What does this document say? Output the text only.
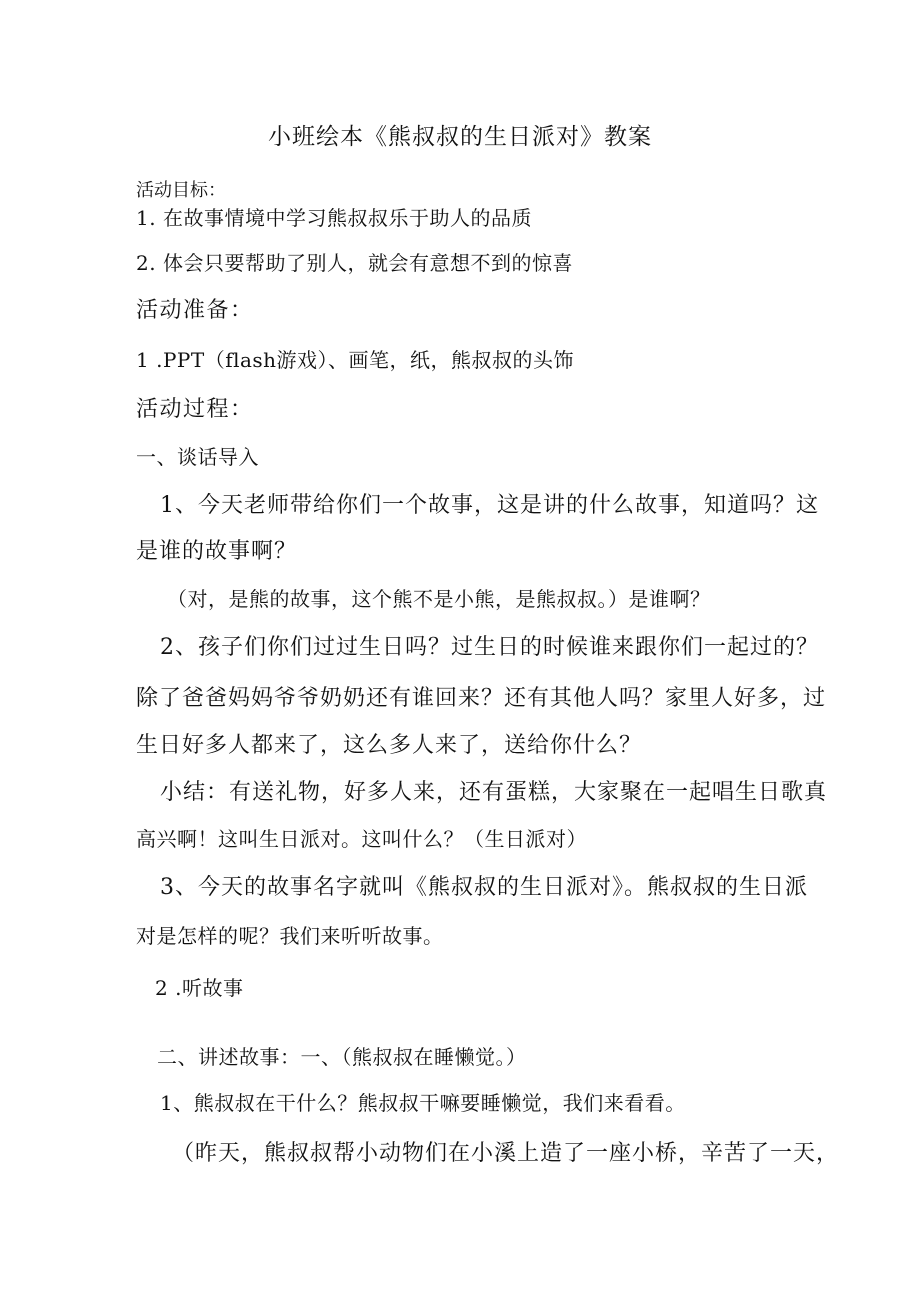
小班绘本《熊叔叔的生日派对》教案
活动目标：
1. 在故事情境中学习熊叔叔乐于助人的品质
2. 体会只要帮助了别人，就会有意想不到的惊喜
活动准备：
1 .PPT（flash游戏）、画笔，纸，熊叔叔的头饰
活动过程：
一、谈话导入
1、今天老师带给你们一个故事，这是讲的什么故事，知道吗？这
是谁的故事啊？
（对，是熊的故事，这个熊不是小熊，是熊叔叔。）是谁啊？
2、孩子们你们过过生日吗？过生日的时候谁来跟你们一起过的？
除了爸爸妈妈爷爷奶奶还有谁回来？还有其他人吗？家里人好多，过
生日好多人都来了，这么多人来了，送给你什么？
小结：有送礼物，好多人来，还有蛋糕，大家聚在一起唱生日歌真
高兴啊！这叫生日派对。这叫什么？（生日派对）
3、今天的故事名字就叫《熊叔叔的生日派对》。熊叔叔的生日派
对是怎样的呢？我们来听听故事。
2 .听故事
二、讲述故事：一、（熊叔叔在睡懒觉。）
1、熊叔叔在干什么？熊叔叔干嘛要睡懒觉，我们来看看。
（昨天，熊叔叔帮小动物们在小溪上造了一座小桥，辛苦了一天，
